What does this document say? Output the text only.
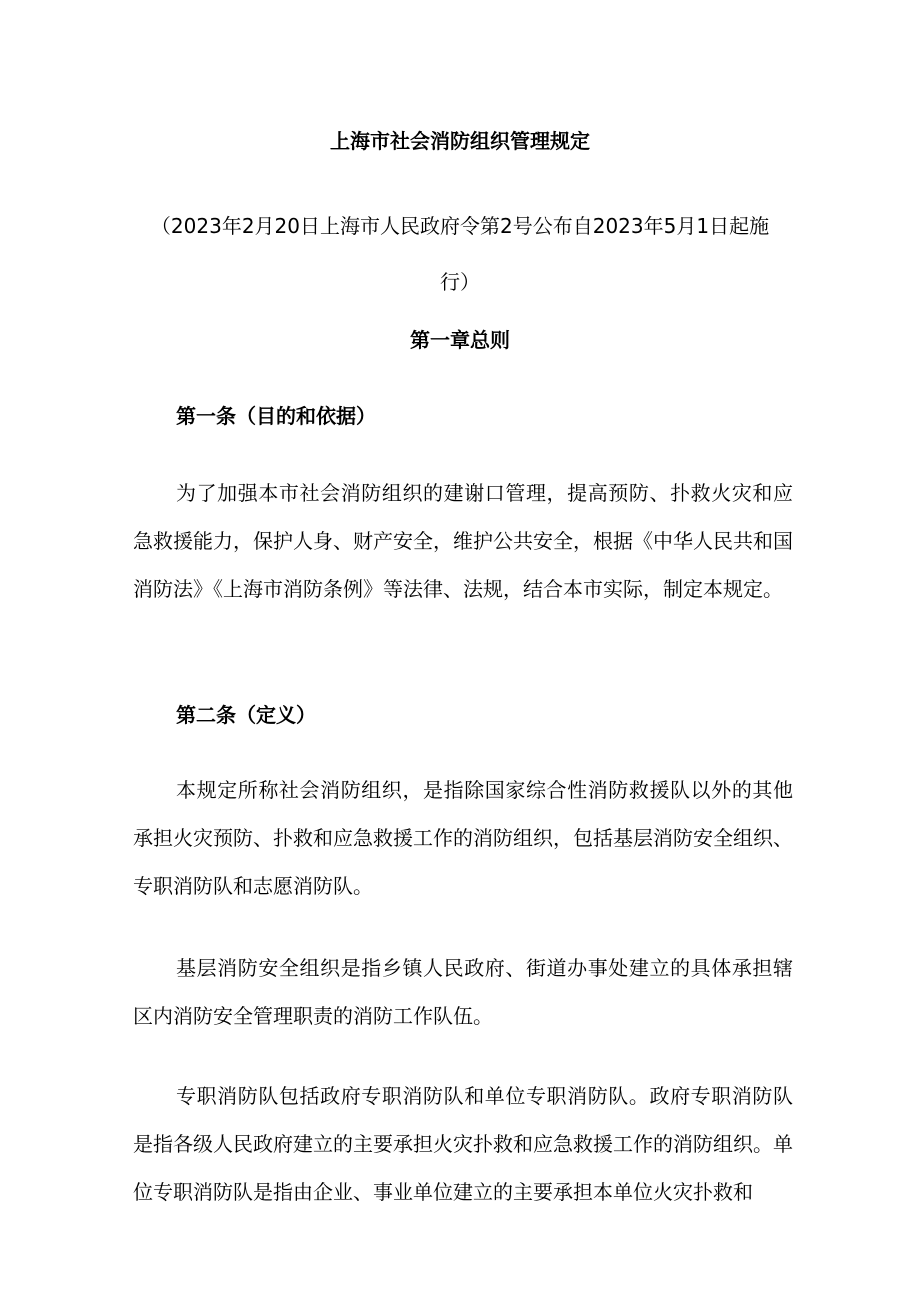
上海市社会消防组织管理规定
（2023年2月20日上海市人民政府令第2号公布自2023年5月1日起施行）
第一章总则
第一条（目的和依据）
为了加强本市社会消防组织的建谢口管理，提高预防、扑救火灾和应急救援能力，保护人身、财产安全，维护公共安全，根据《中华人民共和国消防法》《上海市消防条例》等法律、法规，结合本市实际，制定本规定。
第二条（定义）
本规定所称社会消防组织，是指除国家综合性消防救援队以外的其他承担火灾预防、扑救和应急救援工作的消防组织，包括基层消防安全组织、专职消防队和志愿消防队。
基层消防安全组织是指乡镇人民政府、街道办事处建立的具体承担辖区内消防安全管理职责的消防工作队伍。
专职消防队包括政府专职消防队和单位专职消防队。政府专职消防队是指各级人民政府建立的主要承担火灾扑救和应急救援工作的消防组织。单位专职消防队是指由企业、事业单位建立的主要承担本单位火灾扑救和
